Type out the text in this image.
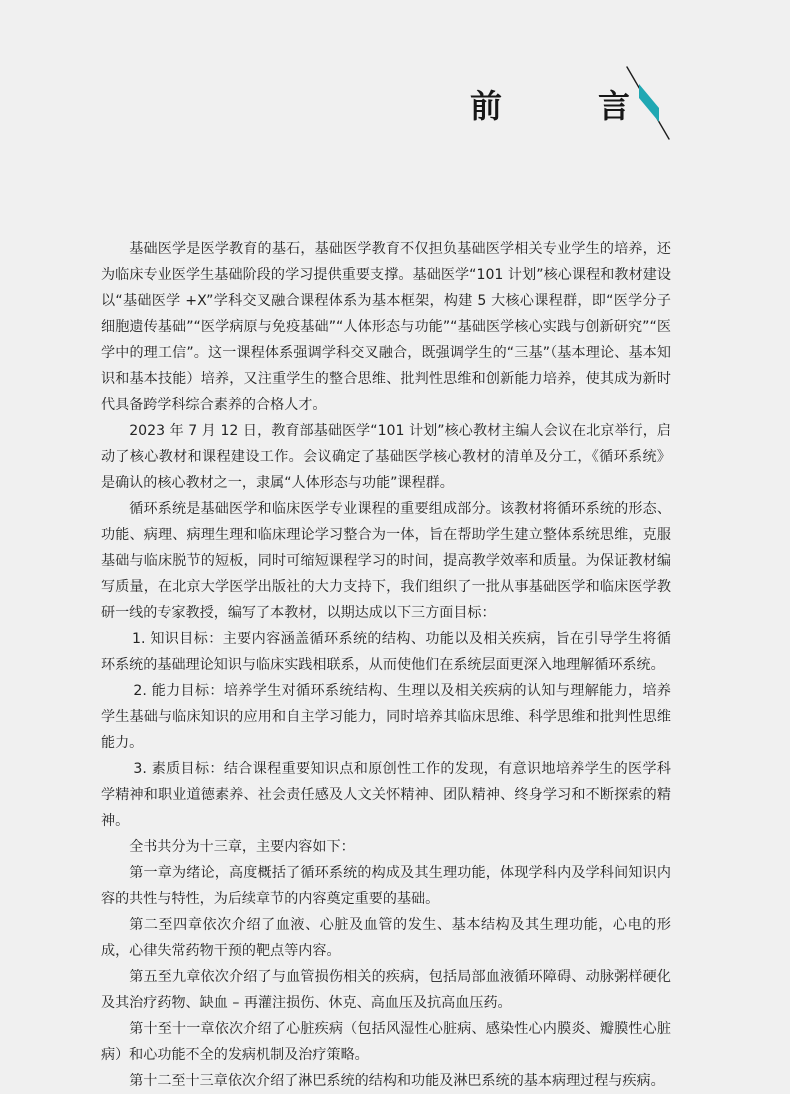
前	言

基础医学是医学教育的基石，基础医学教育不仅担负基础医学相关专业学生的培养，还为临床专业医学生基础阶段的学习提供重要支撑。基础医学“101 计划”核心课程和教材建设以“基础医学 +X”学科交叉融合课程体系为基本框架，构建 5 大核心课程群，即“医学分子细胞遗传基础”“医学病原与免疫基础”“人体形态与功能”“基础医学核心实践与创新研究”“医学中的理工信”。这一课程体系强调学科交叉融合，既强调学生的“三基”（基本理论、基本知识和基本技能）培养，又注重学生的整合思维、批判性思维和创新能力培养，使其成为新时代具备跨学科综合素养的合格人才。

2023 年 7 月 12 日，教育部基础医学“101 计划”核心教材主编人会议在北京举行，启动了核心教材和课程建设工作。会议确定了基础医学核心教材的清单及分工，《循环系统》是确认的核心教材之一，隶属“人体形态与功能”课程群。

循环系统是基础医学和临床医学专业课程的重要组成部分。该教材将循环系统的形态、功能、病理、病理生理和临床理论学习整合为一体，旨在帮助学生建立整体系统思维，克服基础与临床脱节的短板，同时可缩短课程学习的时间，提高教学效率和质量。为保证教材编写质量，在北京大学医学出版社的大力支持下，我们组织了一批从事基础医学和临床医学教研一线的专家教授，编写了本教材，以期达成以下三方面目标：

1. 知识目标：主要内容涵盖循环系统的结构、功能以及相关疾病，旨在引导学生将循环系统的基础理论知识与临床实践相联系，从而使他们在系统层面更深入地理解循环系统。

2. 能力目标：培养学生对循环系统结构、生理以及相关疾病的认知与理解能力，培养学生基础与临床知识的应用和自主学习能力，同时培养其临床思维、科学思维和批判性思维能力。

3. 素质目标：结合课程重要知识点和原创性工作的发现，有意识地培养学生的医学科学精神和职业道德素养、社会责任感及人文关怀精神、团队精神、终身学习和不断探索的精神。

全书共分为十三章，主要内容如下：

第一章为绪论，高度概括了循环系统的构成及其生理功能，体现学科内及学科间知识内容的共性与特性，为后续章节的内容奠定重要的基础。

第二至四章依次介绍了血液、心脏及血管的发生、基本结构及其生理功能，心电的形成，心律失常药物干预的靶点等内容。

第五至九章依次介绍了与血管损伤相关的疾病，包括局部血液循环障碍、动脉粥样硬化及其治疗药物、缺血 – 再灌注损伤、休克、高血压及抗高血压药。

第十至十一章依次介绍了心脏疾病（包括风湿性心脏病、感染性心内膜炎、瓣膜性心脏病）和心功能不全的发病机制及治疗策略。

第十二至十三章依次介绍了淋巴系统的结构和功能及淋巴系统的基本病理过程与疾病。
